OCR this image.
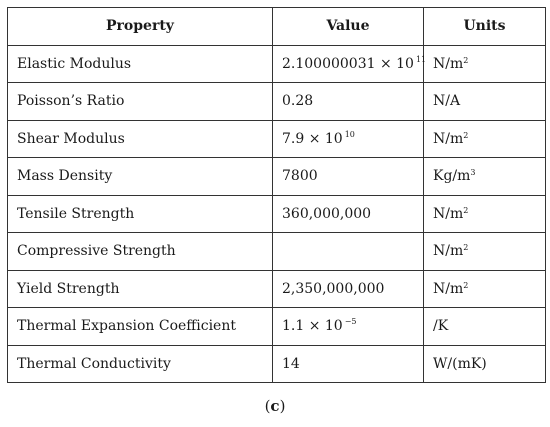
Property	Value	Units
Elastic Modulus	2.100000031 × 10 $^{11}$	$N/m^2$
Poisson’s Ratio	0.28	N/A
Shear Modulus	7.9 × 10 $^{10}$	$N/m^2$
Mass Density	7800	$Kg/m^3$
Tensile Strength	360,000,000	$N/m^2$
Compressive Strength		$N/m^2$
Yield Strength	2,350,000,000	$N/m^2$
Thermal Expansion Coefficient	1.1 × 10 $^{-5}$	/K
Thermal Conductivity	14	W/(mK)
(c)
